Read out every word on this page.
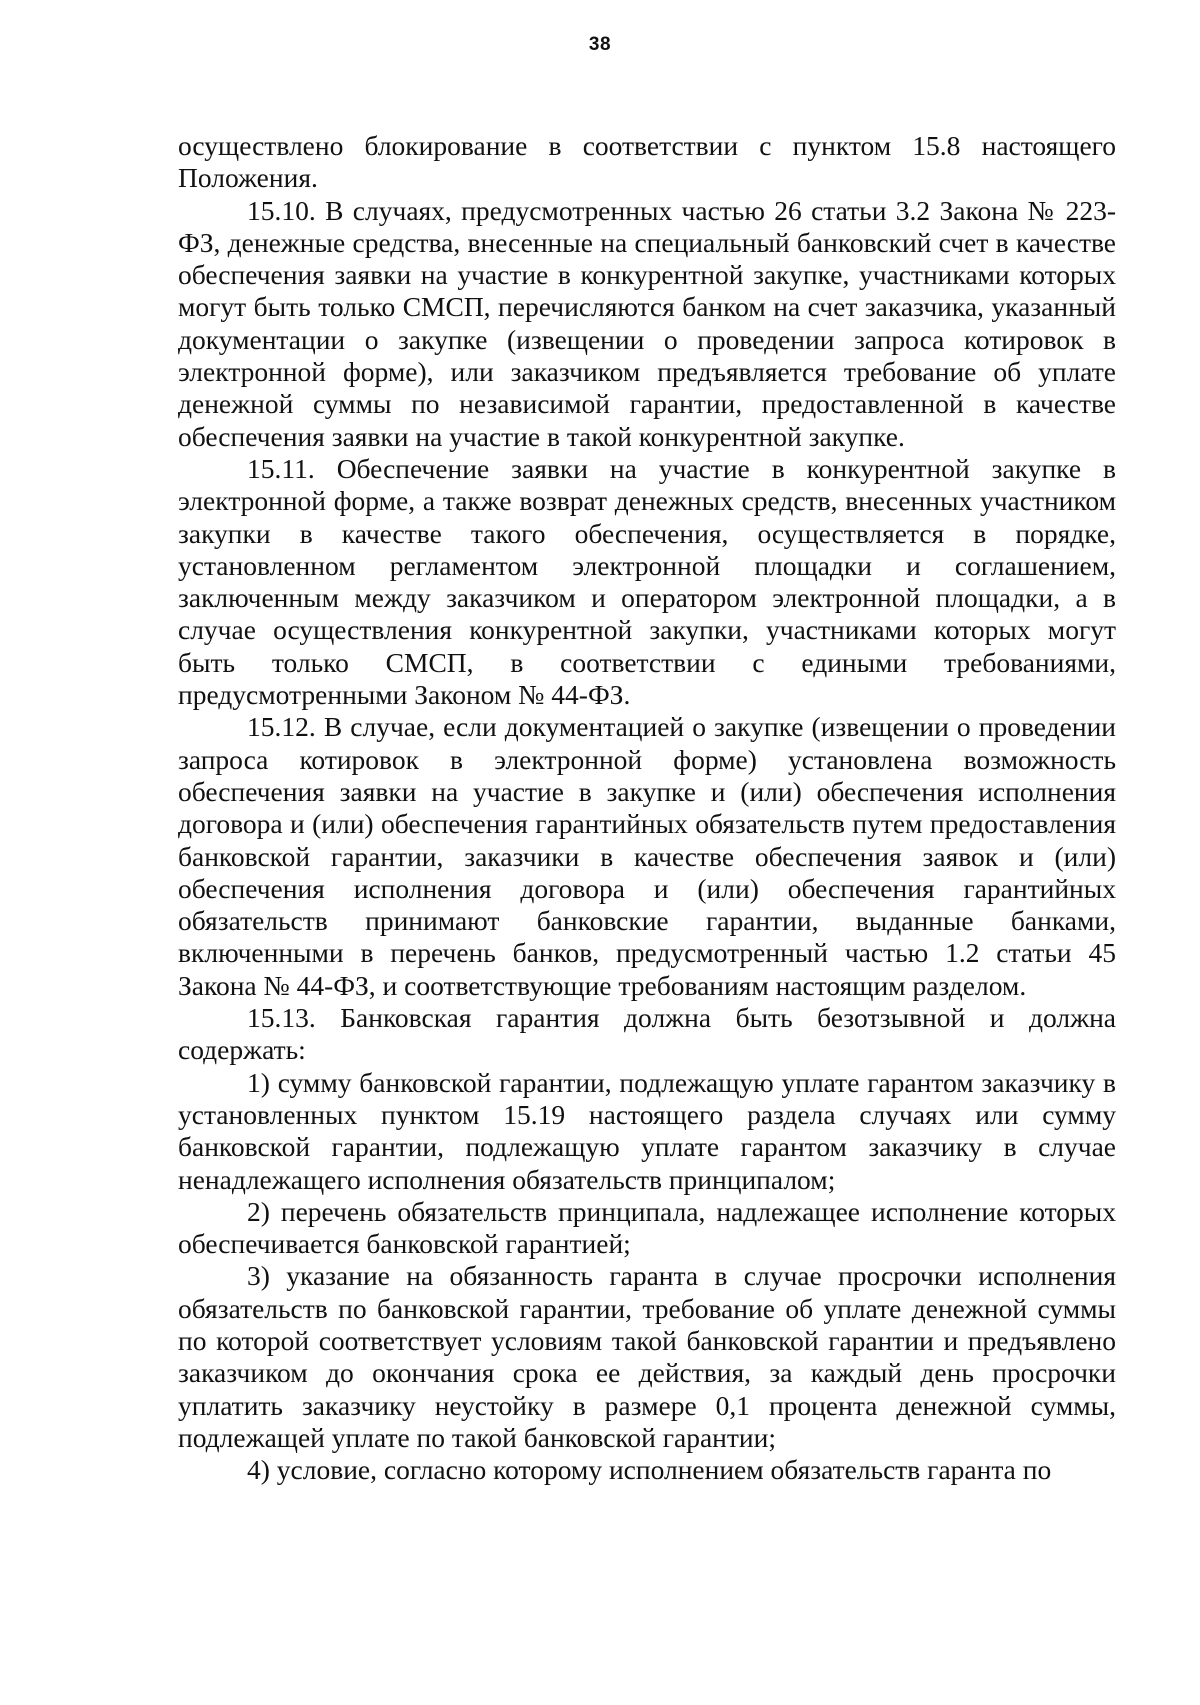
38

осуществлено блокирование в соответствии с пунктом 15.8 настоящего Положения.

15.10. В случаях, предусмотренных частью 26 статьи 3.2 Закона № 223-ФЗ, денежные средства, внесенные на специальный банковский счет в качестве обеспечения заявки на участие в конкурентной закупке, участниками которых могут быть только СМСП, перечисляются банком на счет заказчика, указанный документации о закупке (извещении о проведении запроса котировок в электронной форме), или заказчиком предъявляется требование об уплате денежной суммы по независимой гарантии, предоставленной в качестве обеспечения заявки на участие в такой конкурентной закупке.

15.11. Обеспечение заявки на участие в конкурентной закупке в электронной форме, а также возврат денежных средств, внесенных участником закупки в качестве такого обеспечения, осуществляется в порядке, установленном регламентом электронной площадки и соглашением, заключенным между заказчиком и оператором электронной площадки, а в случае осуществления конкурентной закупки, участниками которых могут быть только СМСП, в соответствии с едиными требованиями, предусмотренными Законом № 44-ФЗ.

15.12. В случае, если документацией о закупке (извещении о проведении запроса котировок в электронной форме) установлена возможность обеспечения заявки на участие в закупке и (или) обеспечения исполнения договора и (или) обеспечения гарантийных обязательств путем предоставления банковской гарантии, заказчики в качестве обеспечения заявок и (или) обеспечения исполнения договора и (или) обеспечения гарантийных обязательств принимают банковские гарантии, выданные банками, включенными в перечень банков, предусмотренный частью 1.2 статьи 45 Закона № 44-ФЗ, и соответствующие требованиям настоящим разделом.

15.13. Банковская гарантия должна быть безотзывной и должна содержать:

1) сумму банковской гарантии, подлежащую уплате гарантом заказчику в установленных пунктом 15.19 настоящего раздела случаях или сумму банковской гарантии, подлежащую уплате гарантом заказчику в случае ненадлежащего исполнения обязательств принципалом;

2) перечень обязательств принципала, надлежащее исполнение которых обеспечивается банковской гарантией;

3) указание на обязанность гаранта в случае просрочки исполнения обязательств по банковской гарантии, требование об уплате денежной суммы по которой соответствует условиям такой банковской гарантии и предъявлено заказчиком до окончания срока ее действия, за каждый день просрочки уплатить заказчику неустойку в размере 0,1 процента денежной суммы, подлежащей уплате по такой банковской гарантии;

4) условие, согласно которому исполнением обязательств гаранта по
